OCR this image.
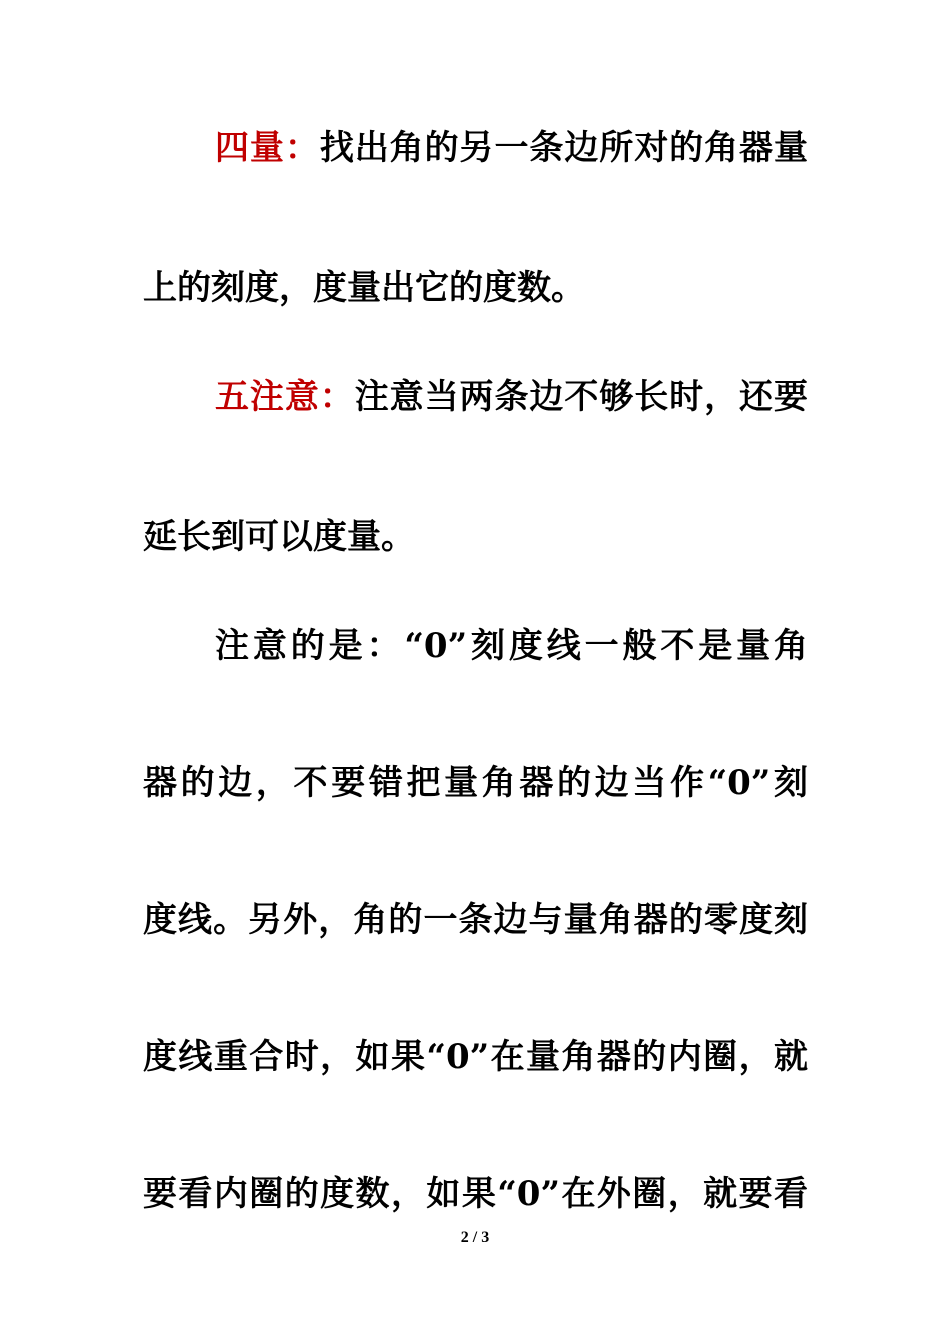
四量：找出角的另一条边所对的角器量
上的刻度，度量出它的度数。
五注意：注意当两条边不够长时，还要
延长到可以度量。
注意的是：“0”刻度线一般不是量角
器的边，不要错把量角器的边当作“0”刻
度线。另外，角的一条边与量角器的零度刻
度线重合时，如果“0”在量角器的内圈，就
要看内圈的度数，如果“0”在外圈，就要看
2 / 3
